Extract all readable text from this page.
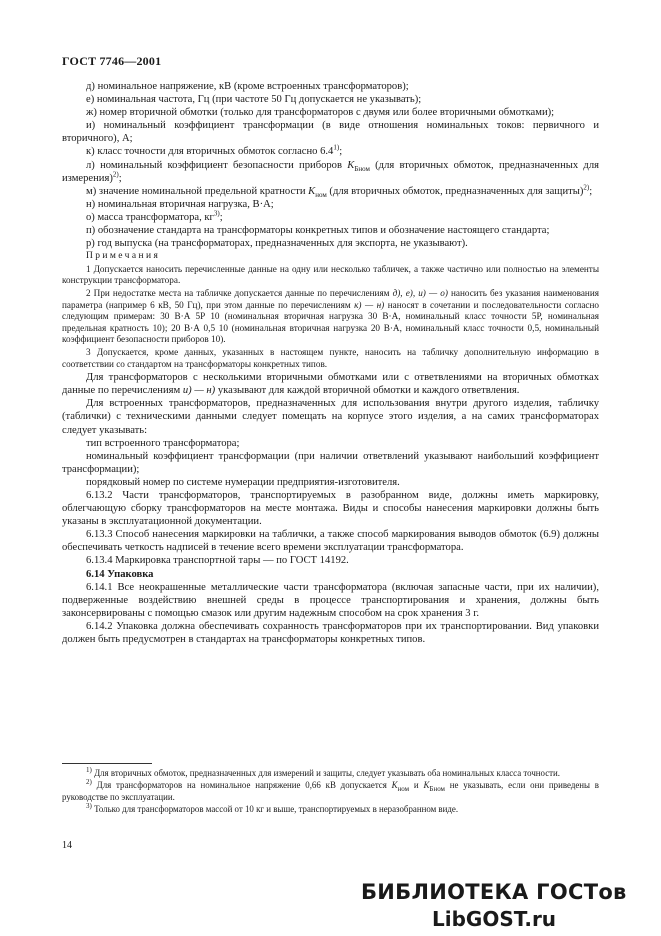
ГОСТ 7746—2001

д) номинальное напряжение, кВ (кроме встроенных трансформаторов);

е) номинальная частота, Гц (при частоте 50 Гц допускается не указывать);

ж) номер вторичной обмотки (только для трансформаторов с двумя или более вторичными обмотками);

и) номинальный коэффициент трансформации (в виде отношения номинальных токов: первичного и вторичного), А;

к) класс точности для вторичных обмоток согласно 6.4$^{1)}$;

л) номинальный коэффициент безопасности приборов $K_{Бном}$ (для вторичных обмоток, предназначенных для измерения)$^{2)}$;

м) значение номинальной предельной кратности $K_{ном}$ (для вторичных обмоток, предназначенных для защиты)$^{2)}$;

н) номинальная вторичная нагрузка, В·А;

о) масса трансформатора, $кг^{3)}$;

п) обозначение стандарта на трансформаторы конкретных типов и обозначение настоящего стандарта;

р) год выпуска (на трансформаторах, предназначенных для экспорта, не указывают).

Примечания

1 Допускается наносить перечисленные данные на одну или несколько табличек, а также частично или полностью на элементы конструкции трансформатора.

2 При недостатке места на табличке допускается данные по перечислениям д), е), и) — о) наносить без указания наименования параметра (например 6 кВ, 50 Гц), при этом данные по перечислениям к) — н) наносят в сочетании и последовательности согласно следующим примерам: 30 В·А 5Р 10 (номинальная вторичная нагрузка 30 В·А, номинальный класс точности 5Р, номинальная предельная кратность 10); 20 В·А 0,5 10 (номинальная вторичная нагрузка 20 В·А, номинальный класс точности 0,5, номинальный коэффициент безопасности приборов 10).

3 Допускается, кроме данных, указанных в настоящем пункте, наносить на табличку дополнительную информацию в соответствии со стандартом на трансформаторы конкретных типов.

Для трансформаторов с несколькими вторичными обмотками или с ответвлениями на вторичных обмотках данные по перечислениям и) — н) указывают для каждой вторичной обмотки и каждого ответвления.

Для встроенных трансформаторов, предназначенных для использования внутри другого изделия, табличку (таблички) с техническими данными следует помещать на корпусе этого изделия, а на самих трансформаторах следует указывать:

тип встроенного трансформатора;

номинальный коэффициент трансформации (при наличии ответвлений указывают наибольший коэффициент трансформации);

порядковый номер по системе нумерации предприятия-изготовителя.

6.13.2 Части трансформаторов, транспортируемых в разобранном виде, должны иметь маркировку, облегчающую сборку трансформаторов на месте монтажа. Виды и способы нанесения маркировки должны быть указаны в эксплуатационной документации.

6.13.3 Способ нанесения маркировки на таблички, а также способ маркирования выводов обмоток (6.9) должны обеспечивать четкость надписей в течение всего времени эксплуатации трансформатора.

6.13.4 Маркировка транспортной тары — по ГОСТ 14192.

6.14 Упаковка

6.14.1 Все неокрашенные металлические части трансформатора (включая запасные части, при их наличии), подверженные воздействию внешней среды в процессе транспортирования и хранения, должны быть законсервированы с помощью смазок или другим надежным способом на срок хранения 3 г.

6.14.2 Упаковка должна обеспечивать сохранность трансформаторов при их транспортировании. Вид упаковки должен быть предусмотрен в стандартах на трансформаторы конкретных типов.

$^{1)}$ Для вторичных обмоток, предназначенных для измерений и защиты, следует указывать оба номинальных класса точности.

$^{2)}$ Для трансформаторов на номинальное напряжение 0,66 кВ допускается $K_{ном}$ и $K_{Бном}$ не указывать, если они приведены в руководстве по эксплуатации.

$^{3)}$ Только для трансформаторов массой от 10 кг и выше, транспортируемых в неразобранном виде.

14
БИБЛИОТЕКА ГОСТов
LibGOST.ru
